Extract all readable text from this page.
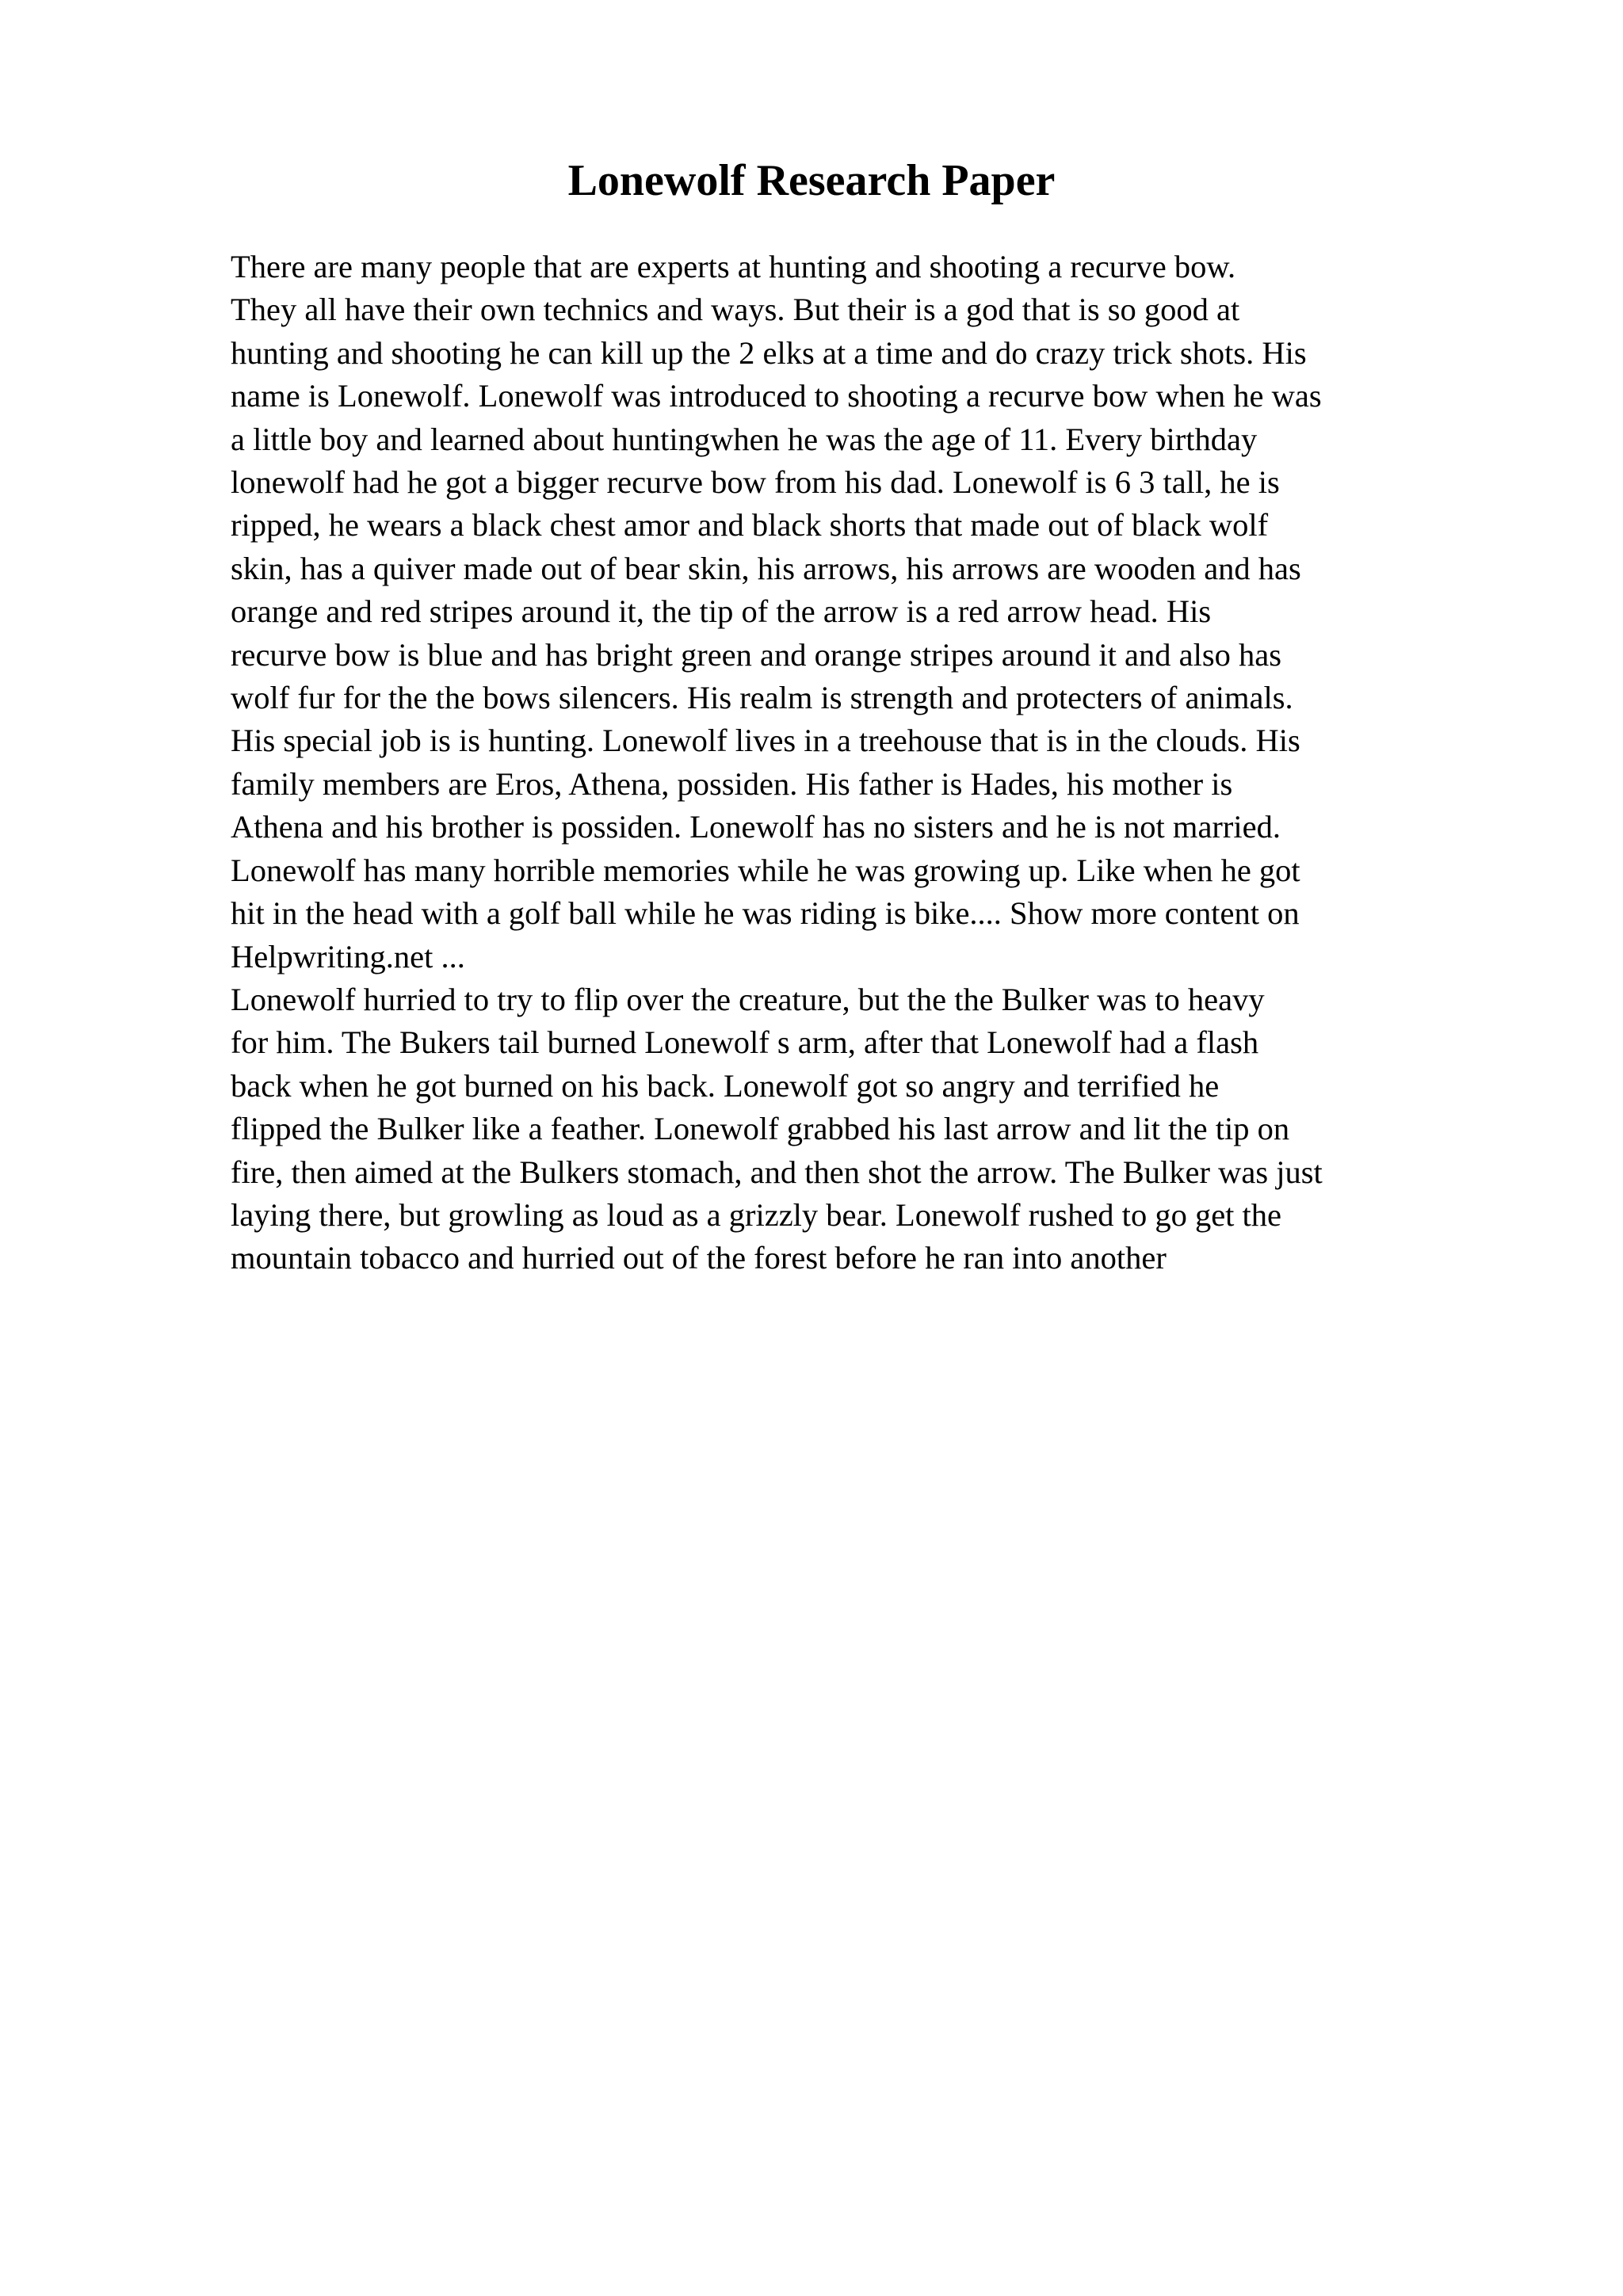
Lonewolf Research Paper
There are many people that are experts at hunting and shooting a recurve bow.
They all have their own technics and ways. But their is a god that is so good at
hunting and shooting he can kill up the 2 elks at a time and do crazy trick shots. His
name is Lonewolf. Lonewolf was introduced to shooting a recurve bow when he was
a little boy and learned about huntingwhen he was the age of 11. Every birthday
lonewolf had he got a bigger recurve bow from his dad. Lonewolf is 6 3 tall, he is
ripped, he wears a black chest amor and black shorts that made out of black wolf
skin, has a quiver made out of bear skin, his arrows, his arrows are wooden and has
orange and red stripes around it, the tip of the arrow is a red arrow head. His
recurve bow is blue and has bright green and orange stripes around it and also has
wolf fur for the the bows silencers. His realm is strength and protecters of animals.
His special job is is hunting. Lonewolf lives in a treehouse that is in the clouds. His
family members are Eros, Athena, possiden. His father is Hades, his mother is
Athena and his brother is possiden. Lonewolf has no sisters and he is not married.
Lonewolf has many horrible memories while he was growing up. Like when he got
hit in the head with a golf ball while he was riding is bike.... Show more content on
Helpwriting.net ...
Lonewolf hurried to try to flip over the creature, but the the Bulker was to heavy
for him. The Bukers tail burned Lonewolf s arm, after that Lonewolf had a flash
back when he got burned on his back. Lonewolf got so angry and terrified he
flipped the Bulker like a feather. Lonewolf grabbed his last arrow and lit the tip on
fire, then aimed at the Bulkers stomach, and then shot the arrow. The Bulker was just
laying there, but growling as loud as a grizzly bear. Lonewolf rushed to go get the
mountain tobacco and hurried out of the forest before he ran into another
